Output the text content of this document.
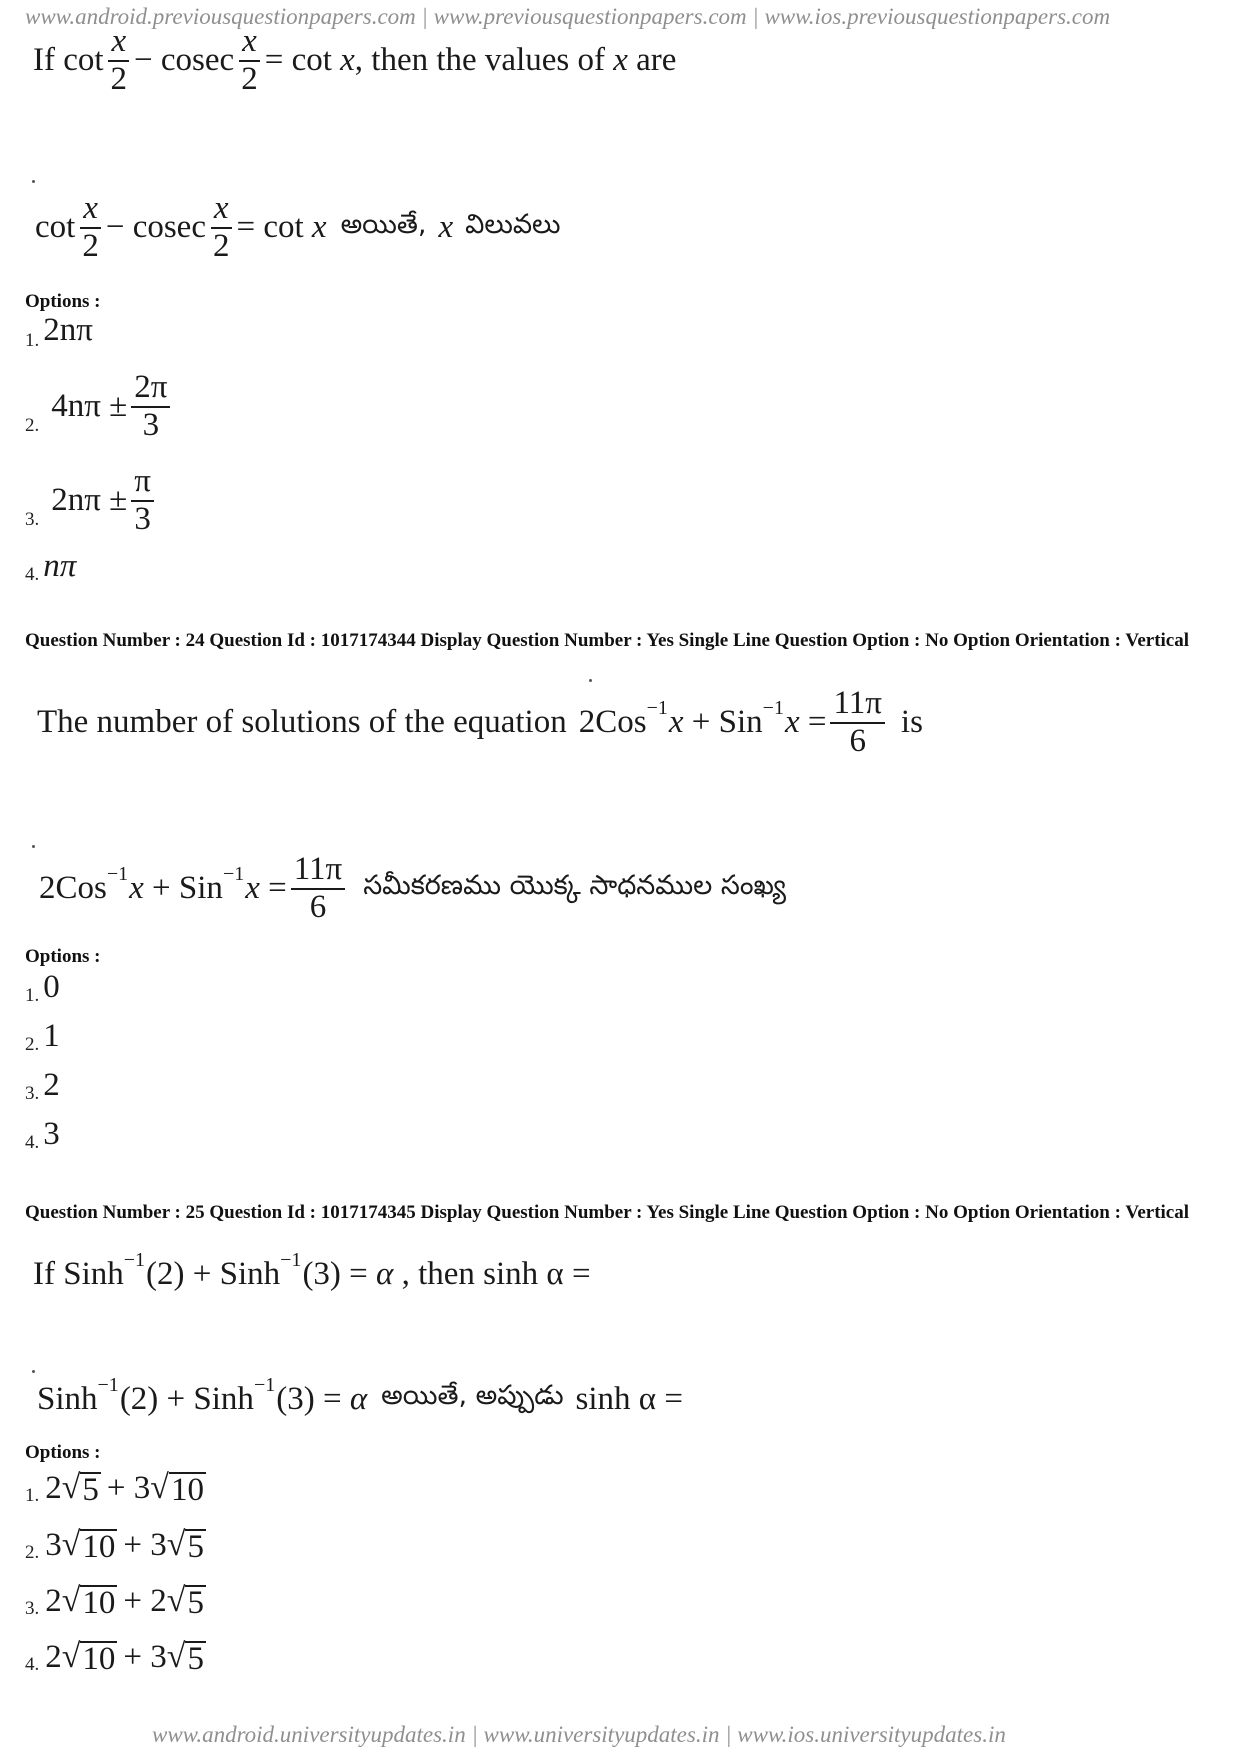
www.android.previousquestionpapers.com | www.previousquestionpapers.com | www.ios.previousquestionpapers.com
If $\cot \frac{x}{2} - cosec \frac{x}{2} = \cot$
x , then the values of
x
are
$\cot \frac{x}{2} - cosec \frac{x}{2} = \cot$
x అయితే, x విలువలు
Options :
1. 2nπ
2.
$4n\pi \pm \frac{2\pi}{3}$
3.
$2n\pi \pm \frac{\pi}{3}$
4. nπ
Question Number : 24 Question Id : 1017174344 Display Question Number : Yes Single Line Question Option : No Option Orientation : Vertical
The number of solutions of the equation 2 Cos −1 x
+ Sin −1 x
= $\frac{11\pi}{6}$ is
2 Cos −1 x
+ Sin −1 x
= $\frac{11\pi}{6}$ సమీకరణము యొక్క సాధనముల సంఖ్య
Options :
1. 0
2. 1
3. 2
4. 3
Question Number : 25 Question Id : 1017174345 Display Question Number : Yes Single Line Question Option : No Option Orientation : Vertical
If Sinh −1 (2) + Sinh −1 (3) =
α
, then sinh α =
Sinh −1 (2) + Sinh −1 (3) =
α అయితే, అప్పుడు sinh α =
Options :
1. 2 √ 5 + 3 √ 10
2. 3 √ 10 + 3 √ 5
3. 2 √ 10 + 2 √ 5
4. 2 √ 10 + 3 √ 5
www.android.universityupdates.in | www.universityupdates.in | www.ios.universityupdates.in
